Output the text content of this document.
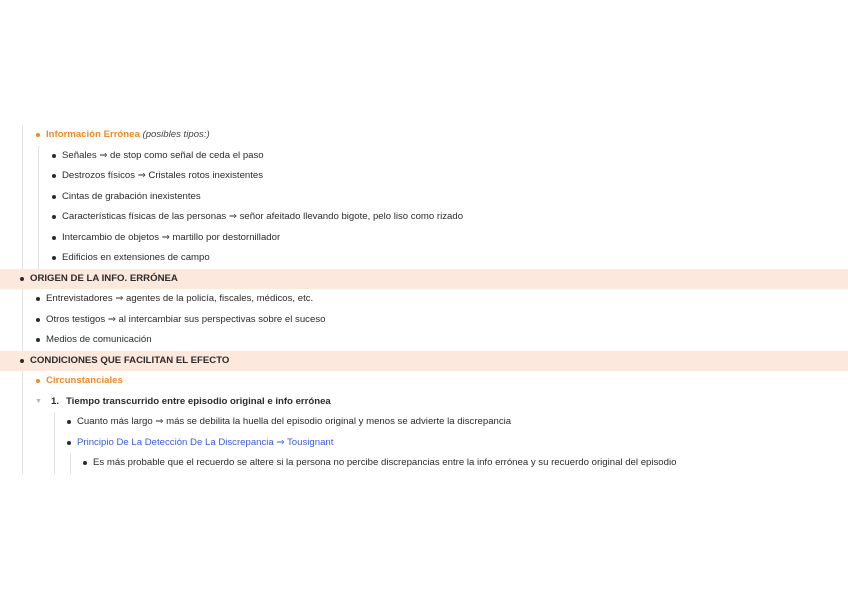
Información Errónea (posibles tipos:)
Señales ⇒ de stop como señal de ceda el paso
Destrozos físicos ⇒ Cristales rotos inexistentes
Cintas de grabación inexistentes
Características físicas de las personas ⇒ señor afeitado llevando bigote, pelo liso como rizado
Intercambio de objetos ⇒ martillo por destornillador
Edificios en extensiones de campo
ORIGEN DE LA INFO. ERRÓNEA
Entrevistadores ⇒ agentes de la policía, fiscales, médicos, etc.
Otros testigos ⇒ al intercambiar sus perspectivas sobre el suceso
Medios de comunicación
CONDICIONES QUE FACILITAN EL EFECTO
Circunstanciales
▼ 1. Tiempo transcurrido entre episodio original e info errónea
Cuanto más largo ⇒ más se debilita la huella del episodio original y menos se advierte la discrepancia
Principio De La Detección De La Discrepancia ⇒ Tousignant
Es más probable que el recuerdo se altere si la persona no percibe discrepancias entre la info errónea y su recuerdo original del episodio
